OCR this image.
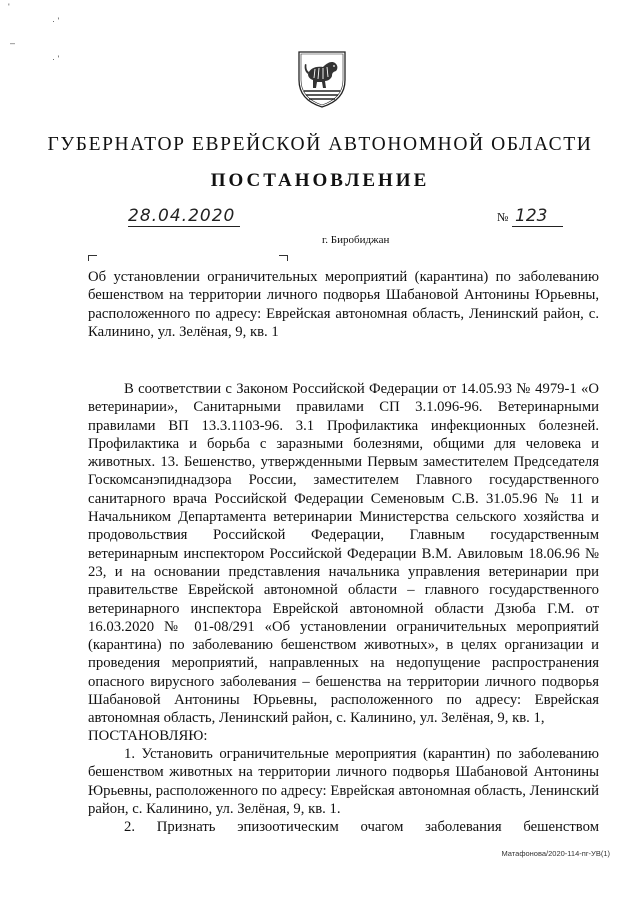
'
· '
–
· '
ГУБЕРНАТОР ЕВРЕЙСКОЙ АВТОНОМНОЙ ОБЛАСТИ
ПОСТАНОВЛЕНИЕ
28.04.2020	№ 123
г. Биробиджан
Об установлении ограничительных мероприятий (карантина) по заболеванию бешенством на территории личного подворья Шабановой Антонины Юрьевны, расположенного по адресу: Еврейская автономная область, Ленинский район, с. Калинино, ул. Зелёная, 9, кв. 1
В соответствии с Законом Российской Федерации от 14.05.93 № 4979-1 «О ветеринарии», Санитарными правилами СП 3.1.096-96. Ветеринарными правилами ВП 13.3.1103-96. 3.1 Профилактика инфекционных болезней. Профилактика и борьба с заразными болезнями, общими для человека и животных. 13. Бешенство, утвержденными Первым заместителем Председателя Госкомсанэпиднадзора России, заместителем Главного государственного санитарного врача Российской Федерации Семеновым С.В. 31.05.96 № 11 и Начальником Департамента ветеринарии Министерства сельского хозяйства и продовольствия Российской Федерации, Главным государственным ветеринарным инспектором Российской Федерации В.М. Авиловым 18.06.96 № 23, и на основании представления начальника управления ветеринарии при правительстве Еврейской автономной области – главного государственного ветеринарного инспектора Еврейской автономной области Дзюба Г.М. от 16.03.2020 № 01-08/291 «Об установлении ограничительных мероприятий (карантина) по заболеванию бешенством животных», в целях организации и проведения мероприятий, направленных на недопущение распространения опасного вирусного заболевания – бешенства на территории личного подворья Шабановой Антонины Юрьевны, расположенного по адресу: Еврейская автономная область, Ленинский район, с. Калинино, ул. Зелёная, 9, кв. 1,
ПОСТАНОВЛЯЮ:
1. Установить ограничительные мероприятия (карантин) по заболеванию бешенством животных на территории личного подворья Шабановой Антонины Юрьевны, расположенного по адресу: Еврейская автономная область, Ленинский район, с. Калинино, ул. Зелёная, 9, кв. 1.
2. Признать эпизоотическим очагом заболевания бешенством
Матафонова/2020-114-пг-УВ(1)
